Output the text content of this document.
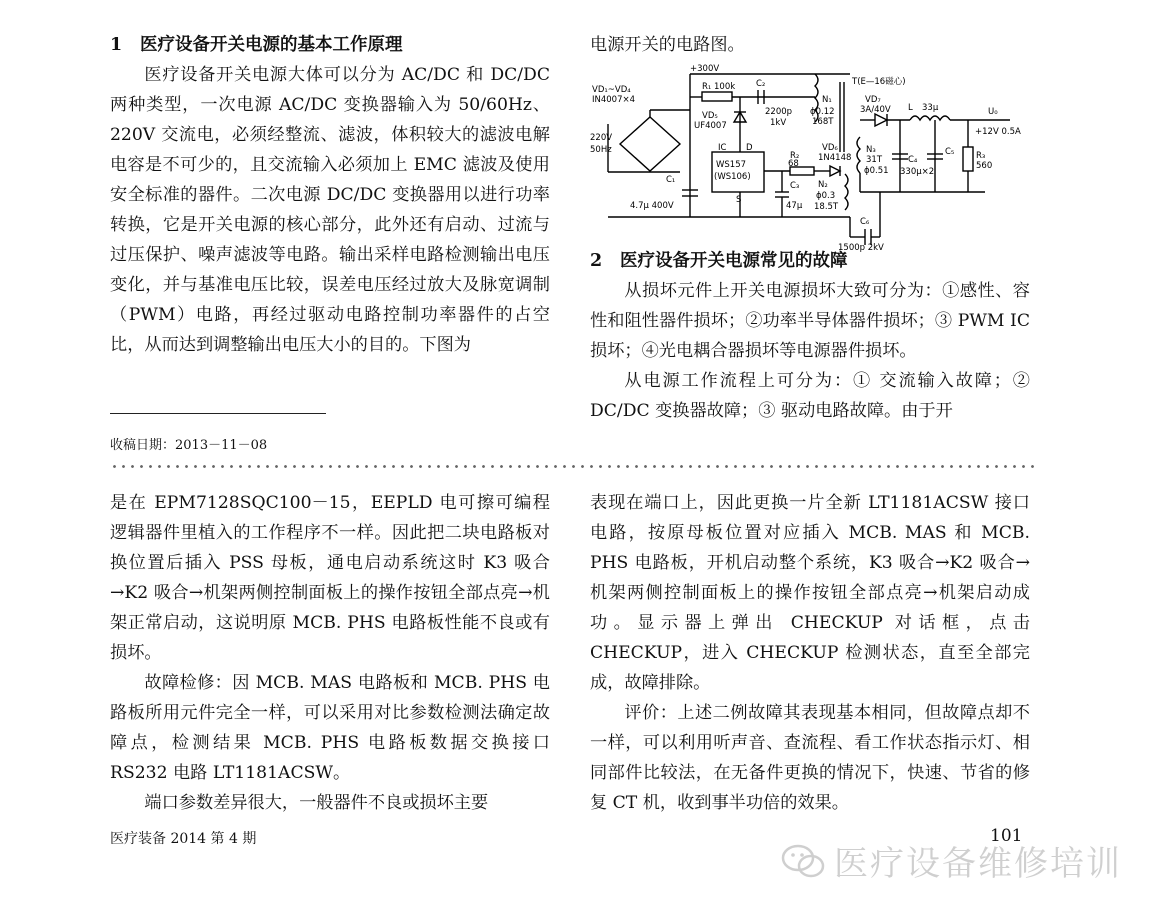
1 医疗设备开关电源的基本工作原理

医疗设备开关电源大体可以分为 AC/DC 和 DC/DC 两种类型，一次电源 AC/DC 变换器输入为 50/60Hz、220V 交流电，必须经整流、滤波，体积较大的滤波电解电容是不可少的，且交流输入必须加上 EMC 滤波及使用安全标准的器件。二次电源 DC/DC 变换器用以进行功率转换，它是开关电源的核心部分，此外还有启动、过流与过压保护、噪声滤波等电路。输出采样电路检测输出电压变化，并与基准电压比较，误差电压经过放大及脉宽调制（PWM）电路，再经过驱动电路控制功率器件的占空比，从而达到调整输出电压大小的目的。下图为

收稿日期：2013－11－08

电源开关的电路图。

VD₁~VD₄
IN4007×4
+300V
220V
50Hz
R₁ 100k C₂
2200p
1kV
VD₅
UF4007
N₁
ϕ0.12
168T
T(E—16磁心)
VD₇
3A/40V L 33μ	U₀
+12V 0.5A
IC D
WS157
(WS106)
S
R₂
68
VD₆
1N4148
N₃
31T
ϕ0.51
C₄
330μ×2
C₅	R₃
560
C₁
4.7μ 400V
C₃
47μ
N₂
ϕ0.3
18.5T
C₆
1500p 2kV
2 医疗设备开关电源常见的故障

从损坏元件上开关电源损坏大致可分为：①感性、容性和阻性器件损坏；②功率半导体器件损坏；③ PWM IC 损坏；④光电耦合器损坏等电源器件损坏。

从电源工作流程上可分为：① 交流输入故障；② DC/DC 变换器故障；③ 驱动电路故障。由于开

是在 EPM7128SQC100－15，EEPLD 电可擦可编程逻辑器件里植入的工作程序不一样。因此把二块电路板对换位置后插入 PSS 母板，通电启动系统这时 K3 吸合→K2 吸合→机架两侧控制面板上的操作按钮全部点亮→机架正常启动，这说明原 MCB. PHS 电路板性能不良或有损坏。

故障检修：因 MCB. MAS 电路板和 MCB. PHS 电路板所用元件完全一样，可以采用对比参数检测法确定故障点，检测结果 MCB. PHS 电路板数据交换接口 RS232 电路 LT1181ACSW。

端口参数差异很大，一般器件不良或损坏主要

表现在端口上，因此更换一片全新 LT1181ACSW 接口电路，按原母板位置对应插入 MCB. MAS 和 MCB. PHS 电路板，开机启动整个系统，K3 吸合→K2 吸合→机架两侧控制面板上的操作按钮全部点亮→机架启动成功。显示器上弹出 CHECKUP 对话框，点击 CHECKUP，进入 CHECKUP 检测状态，直至全部完成，故障排除。

评价：上述二例故障其表现基本相同，但故障点却不一样，可以利用听声音、查流程、看工作状态指示灯、相同部件比较法，在无备件更换的情况下，快速、节省的修复 CT 机，收到事半功倍的效果。

医疗装备 2014 第 4 期	101
医疗设备维修培训
